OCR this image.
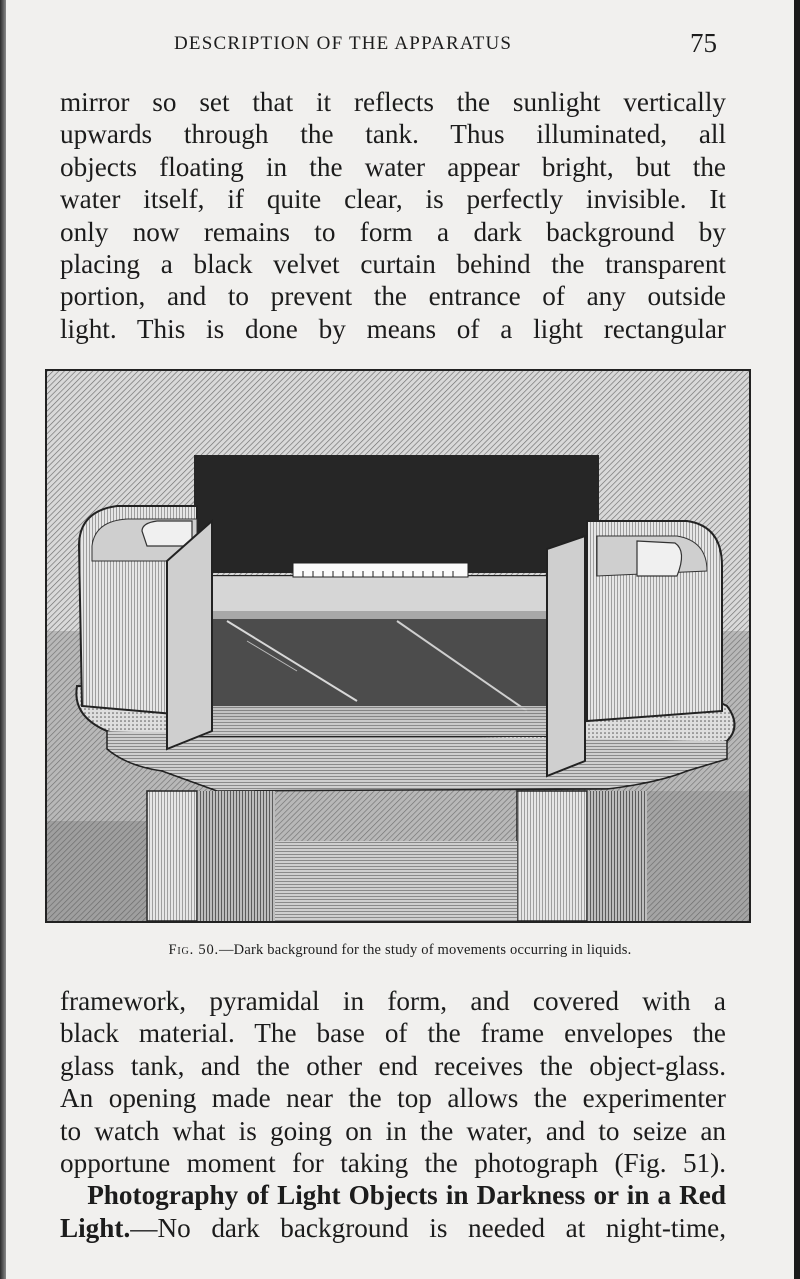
DESCRIPTION OF THE APPARATUS	75
mirror so set that it reflects the sunlight vertically
upwards through the tank. Thus illuminated, all
objects floating in the water appear bright, but the
water itself, if quite clear, is perfectly invisible. It
only now remains to form a dark background by
placing a black velvet curtain behind the transparent
portion, and to prevent the entrance of any outside
light. This is done by means of a light rectangular
Fig. 50.—Dark background for the study of movements occurring in liquids.
framework, pyramidal in form, and covered with a
black material. The base of the frame envelopes the
glass tank, and the other end receives the object-glass.
An opening made near the top allows the experimenter
to watch what is going on in the water, and to seize an
opportune moment for taking the photograph (Fig. 51).
 Photography of Light Objects in Darkness or in a Red
Light.—No dark background is needed at night-time,
